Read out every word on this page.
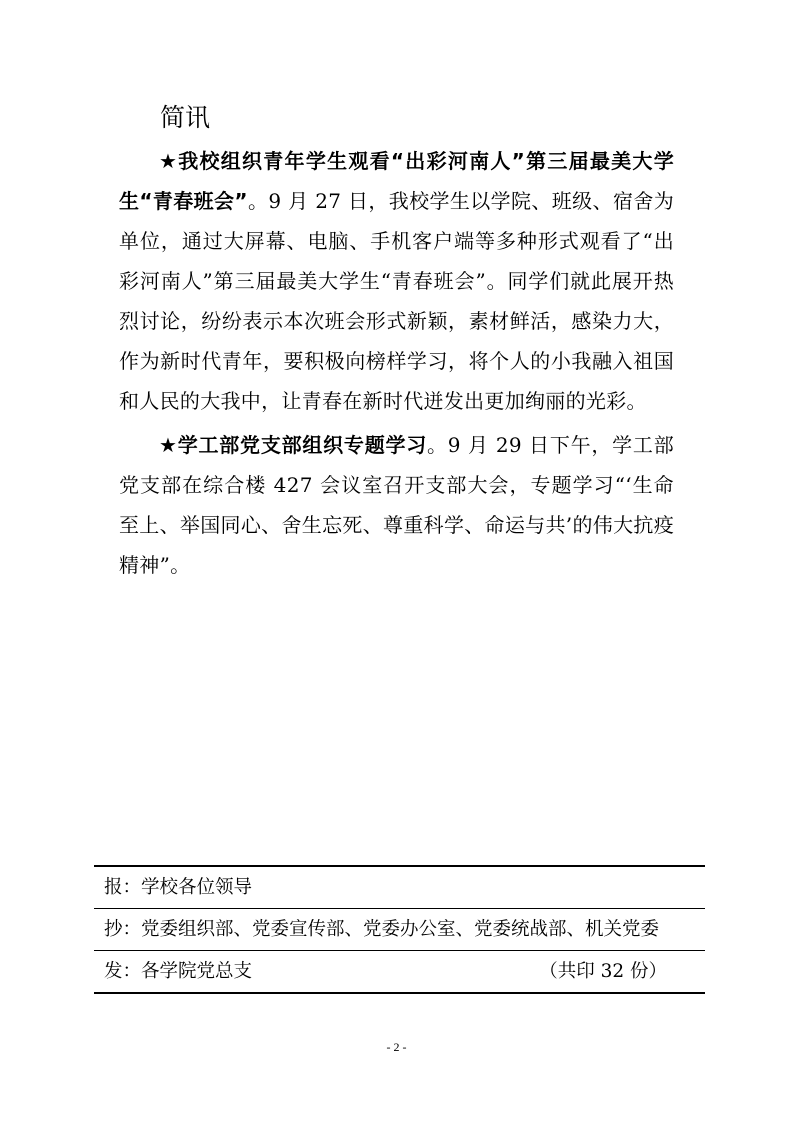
简讯

★我校组织青年学生观看“出彩河南人”第三届最美大学生“青春班会”。9 月 27 日，我校学生以学院、班级、宿舍为单位，通过大屏幕、电脑、手机客户端等多种形式观看了“出彩河南人”第三届最美大学生“青春班会”。同学们就此展开热烈讨论，纷纷表示本次班会形式新颖，素材鲜活，感染力大，作为新时代青年，要积极向榜样学习，将个人的小我融入祖国和人民的大我中，让青春在新时代迸发出更加绚丽的光彩。

★学工部党支部组织专题学习。9 月 29 日下午，学工部党支部在综合楼 427 会议室召开支部大会，专题学习“‘生命至上、举国同心、舍生忘死、尊重科学、命运与共’的伟大抗疫精神”。

报：学校各位领导
抄：党委组织部、党委宣传部、党委办公室、党委统战部、机关党委
发：各学院党总支	（共印 32 份）
- 2 -
